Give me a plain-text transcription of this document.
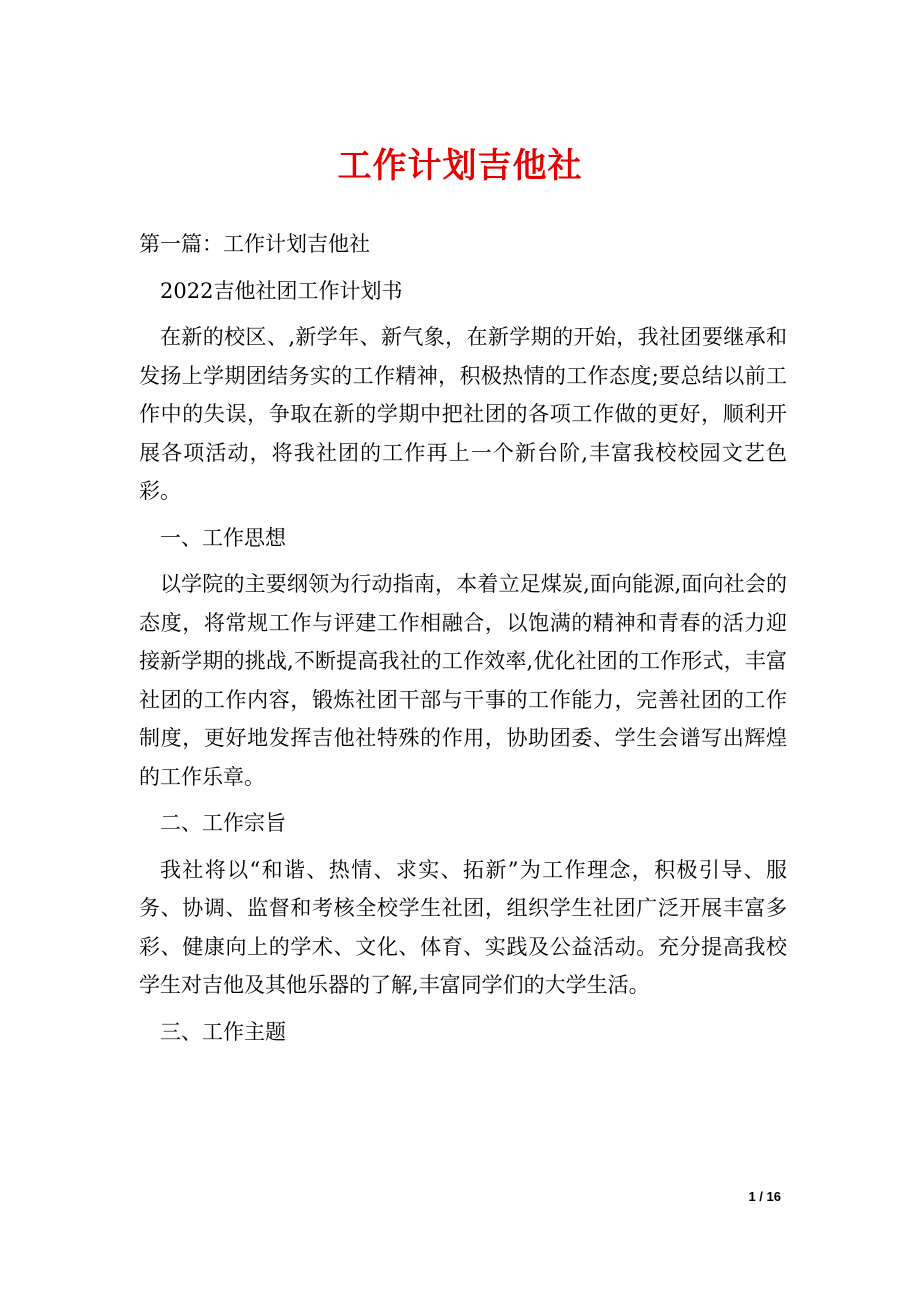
工作计划吉他社

第一篇：工作计划吉他社

2022吉他社团工作计划书

在新的校区、,新学年、新气象，在新学期的开始，我社团要继承和发扬上学期团结务实的工作精神，积极热情的工作态度;要总结以前工作中的失误，争取在新的学期中把社团的各项工作做的更好，顺利开展各项活动，将我社团的工作再上一个新台阶,丰富我校校园文艺色彩。

一、工作思想

以学院的主要纲领为行动指南，本着立足煤炭,面向能源,面向社会的态度，将常规工作与评建工作相融合，以饱满的精神和青春的活力迎接新学期的挑战,不断提高我社的工作效率,优化社团的工作形式，丰富社团的工作内容，锻炼社团干部与干事的工作能力，完善社团的工作制度，更好地发挥吉他社特殊的作用，协助团委、学生会谱写出辉煌的工作乐章。

二、工作宗旨

我社将以“和谐、热情、求实、拓新”为工作理念，积极引导、服务、协调、监督和考核全校学生社团，组织学生社团广泛开展丰富多彩、健康向上的学术、文化、体育、实践及公益活动。充分提高我校学生对吉他及其他乐器的了解,丰富同学们的大学生活。

三、工作主题

1 / 16
